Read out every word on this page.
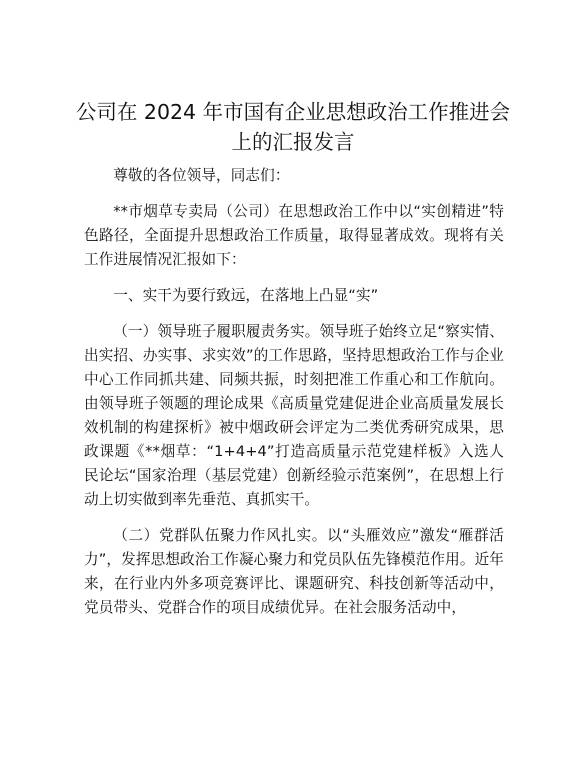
公司在 2024 年市国有企业思想政治工作推进会
上的汇报发言

尊敬的各位领导，同志们：

**市烟草专卖局（公司）在思想政治工作中以“实创精进”特色路径，全面提升思想政治工作质量，取得显著成效。现将有关工作进展情况汇报如下：

一、实干为要行致远，在落地上凸显“实”

（一）领导班子履职履责务实。领导班子始终立足“察实情、出实招、办实事、求实效”的工作思路，坚持思想政治工作与企业中心工作同抓共建、同频共振，时刻把准工作重心和工作航向。由领导班子领题的理论成果《高质量党建促进企业高质量发展长效机制的构建探析》被中烟政研会评定为二类优秀研究成果，思政课题《**烟草：“1+4+4”打造高质量示范党建样板》入选人民论坛“国家治理（基层党建）创新经验示范案例”，在思想上行动上切实做到率先垂范、真抓实干。

（二）党群队伍聚力作风扎实。以“头雁效应”激发“雁群活力”，发挥思想政治工作凝心聚力和党员队伍先锋模范作用。近年来，在行业内外多项竞赛评比、课题研究、科技创新等活动中，党员带头、党群合作的项目成绩优异。在社会服务活动中，
